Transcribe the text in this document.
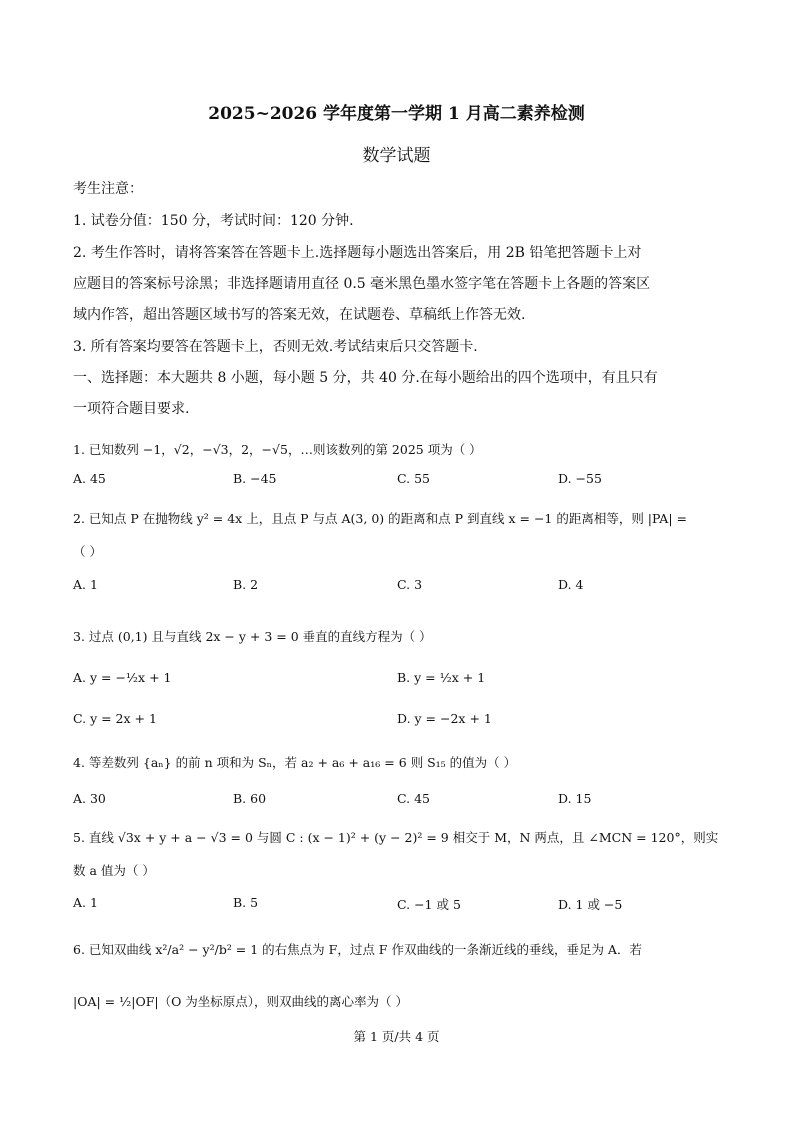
2025~2026 学年度第一学期 1 月高二素养检测
数学试题
考生注意：
1. 试卷分值：150 分，考试时间：120 分钟.
2. 考生作答时，请将答案答在答题卡上.选择题每小题选出答案后，用 2B 铅笔把答题卡上对
应题目的答案标号涂黑；非选择题请用直径 0.5 毫米黑色墨水签字笔在答题卡上各题的答案区
域内作答，超出答题区域书写的答案无效，在试题卷、草稿纸上作答无效.
3. 所有答案均要答在答题卡上，否则无效.考试结束后只交答题卡.
一、选择题：本大题共 8 小题，每小题 5 分，共 40 分.在每小题给出的四个选项中，有且只有
一项符合题目要求.
1. 已知数列 −1，√2，−√3，2，−√5，…则该数列的第 2025 项为（ ）
A. 45	B. −45	C. 55	D. −55
2. 已知点 P 在抛物线 y² = 4x 上，且点 P 与点 A(3, 0) 的距离和点 P 到直线 x = −1 的距离相等，则 |PA| =
（ ）
A. 1	B. 2	C. 3	D. 4
3. 过点 (0,1) 且与直线 2x − y + 3 = 0 垂直的直线方程为（ ）
A. y = −½x + 1	B. y = ½x + 1
C. y = 2x + 1	D. y = −2x + 1
4. 等差数列 {aₙ} 的前 n 项和为 Sₙ，若 a₂ + a₆ + a₁₆ = 6 则 S₁₅ 的值为（ ）
A. 30	B. 60	C. 45	D. 15
5. 直线 √3x + y + a − √3 = 0 与圆 C : (x − 1)² + (y − 2)² = 9 相交于 M，N 两点，且 ∠MCN = 120°，则实
数 a 值为（ ）
A. 1	B. 5	C. −1 或 5	D. 1 或 −5
6. 已知双曲线 x²/a² − y²/b² = 1 的右焦点为 F，过点 F 作双曲线的一条渐近线的垂线，垂足为 A．若
|OA| = ½|OF|（O 为坐标原点），则双曲线的离心率为（ ）
第 1 页/共 4 页
